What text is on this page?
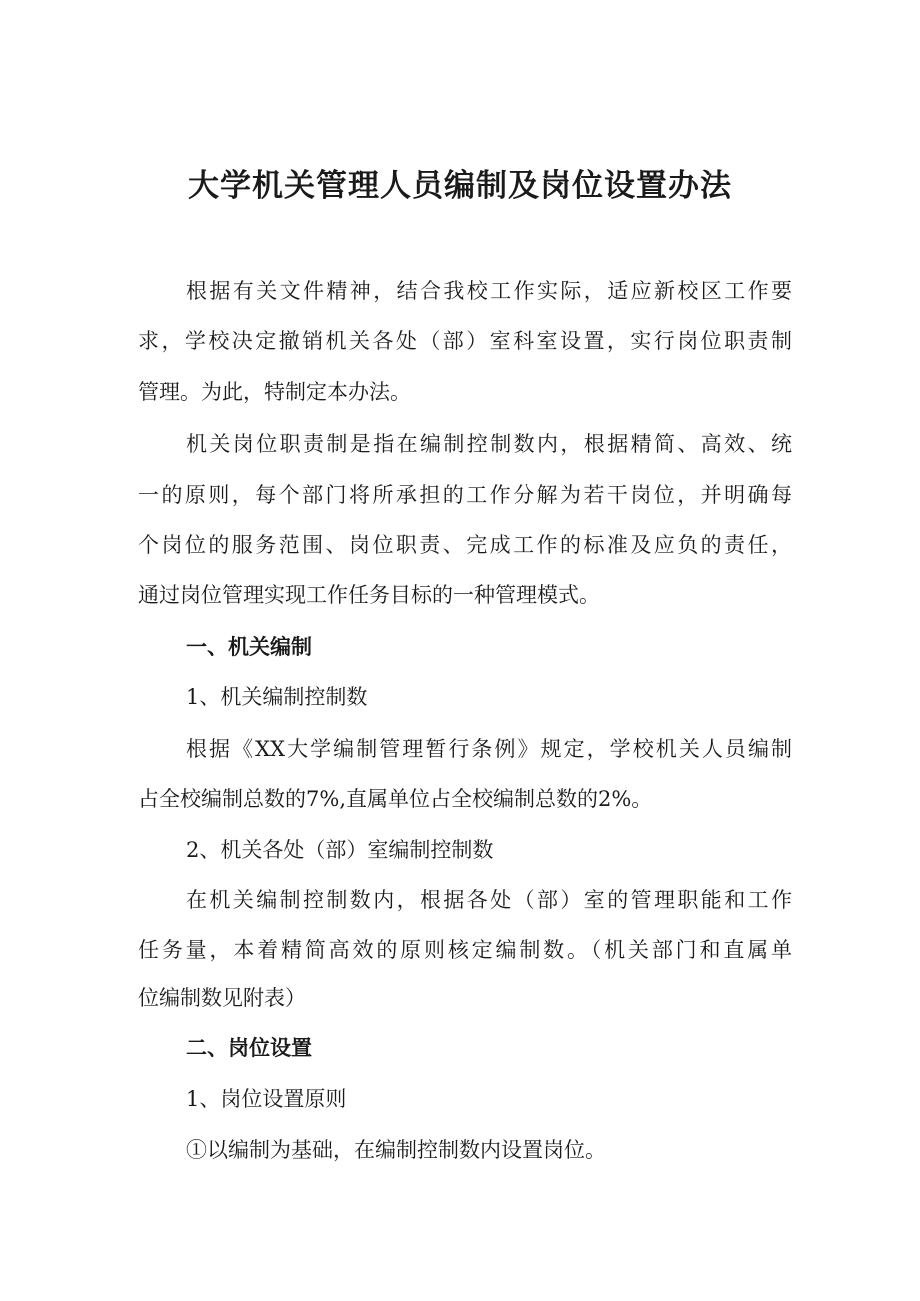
大学机关管理人员编制及岗位设置办法
根据有关文件精神，结合我校工作实际，适应新校区工作要
求，学校决定撤销机关各处（部）室科室设置，实行岗位职责制
管理。为此，特制定本办法。
机关岗位职责制是指在编制控制数内，根据精简、高效、统
一的原则，每个部门将所承担的工作分解为若干岗位，并明确每
个岗位的服务范围、岗位职责、完成工作的标准及应负的责任，
通过岗位管理实现工作任务目标的一种管理模式。
一、机关编制
1、机关编制控制数
根据《XX大学编制管理暂行条例》规定，学校机关人员编制
占全校编制总数的7%,直属单位占全校编制总数的2%。
2、机关各处（部）室编制控制数
在机关编制控制数内，根据各处（部）室的管理职能和工作
任务量，本着精简高效的原则核定编制数。（机关部门和直属单
位编制数见附表）
二、岗位设置
1、岗位设置原则
①以编制为基础，在编制控制数内设置岗位。
